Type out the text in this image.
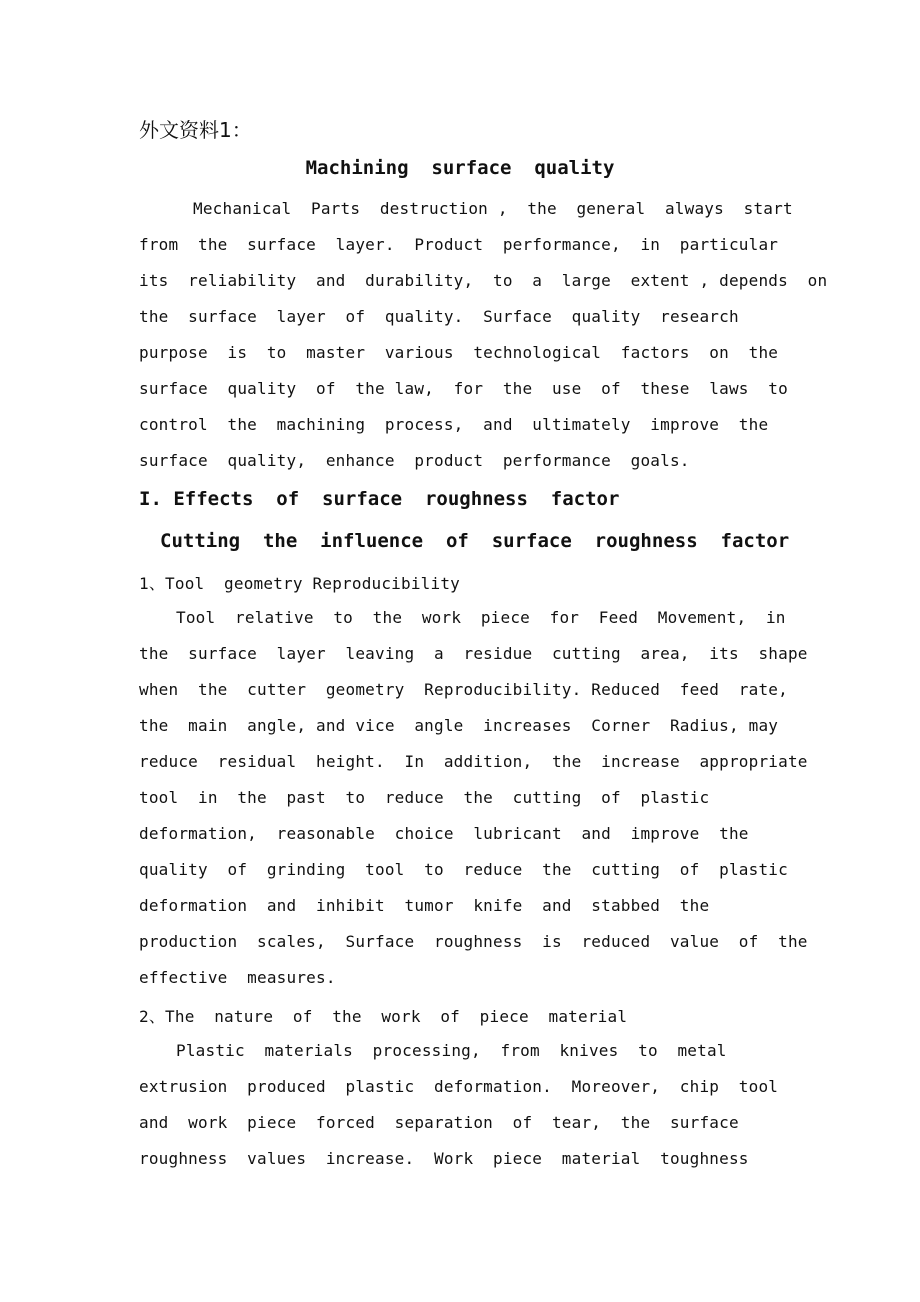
外文资料1：
Machining  surface  quality
Mechanical  Parts  destruction ,  the  general  always  start
from  the  surface  layer.  Product  performance,  in  particular
its  reliability  and  durability,  to  a  large  extent , depends  on
the  surface  layer  of  quality.  Surface  quality  research
purpose  is  to  master  various  technological  factors  on  the
surface  quality  of  the law,  for  the  use  of  these  laws  to
control  the  machining  process,  and  ultimately  improve  the
surface  quality,  enhance  product  performance  goals.
I. Effects  of  surface  roughness  factor
Cutting  the  influence  of  surface  roughness  factor
1、Tool  geometry Reproducibility
Tool  relative  to  the  work  piece  for  Feed  Movement,  in
the  surface  layer  leaving  a  residue  cutting  area,  its  shape
when  the  cutter  geometry  Reproducibility. Reduced  feed  rate,
the  main  angle, and vice  angle  increases  Corner  Radius, may
reduce  residual  height.  In  addition,  the  increase  appropriate
tool  in  the  past  to  reduce  the  cutting  of  plastic
deformation,  reasonable  choice  lubricant  and  improve  the
quality  of  grinding  tool  to  reduce  the  cutting  of  plastic
deformation  and  inhibit  tumor  knife  and  stabbed  the
production  scales,  Surface  roughness  is  reduced  value  of  the
effective  measures.
2、The  nature  of  the  work  of  piece  material
Plastic  materials  processing,  from  knives  to  metal
extrusion  produced  plastic  deformation.  Moreover,  chip  tool
and  work  piece  forced  separation  of  tear,  the  surface
roughness  values  increase.  Work  piece  material  toughness
